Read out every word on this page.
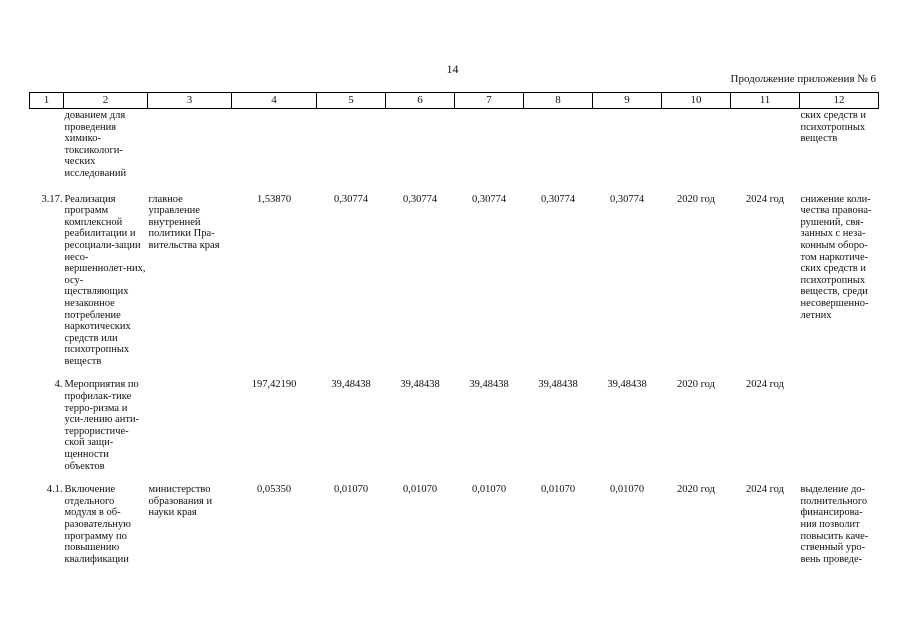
14
Продолжение приложения № 6
1	2	3	4	5	6	7	8	9	10	11	12
	дованием для проведения химико-токсикологи-ческих исследований										ских средств и психотропных веществ
3.17.	Реализация программ комплексной реабилитации и ресоциали-зации несо-вершеннолет-них, осу-ществляющих незаконное потребление наркотических средств или психотропных веществ	главное управление внутренней политики Пра-вительства края	1,53870	0,30774	0,30774	0,30774	0,30774	0,30774	2020 год	2024 год	снижение коли-чества правона-рушений, свя-занных с неза-конным оборо-том наркотиче-ских средств и психотропных веществ, среди несовершенно-летних
4.	Мероприятия по профилак-тике терро-ризма и уси-лению анти-террористиче-ской защи-щенности объектов		197,42190	39,48438	39,48438	39,48438	39,48438	39,48438	2020 год	2024 год	
4.1.	Включение отдельного модуля в об-разовательную программу по повышению квалификации	министерство образования и науки края	0,05350	0,01070	0,01070	0,01070	0,01070	0,01070	2020 год	2024 год	выделение до-полнительного финансирова-ния позволит повысить каче-ственный уро-вень проведе-
